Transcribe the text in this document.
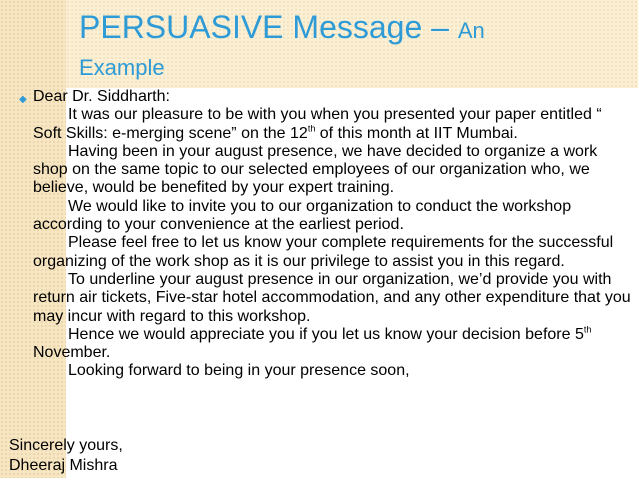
PERSUASIVE Message – An
Example
◆ Dear Dr. Siddharth:

It was our pleasure to be with you when you presented your paper entitled “ Soft Skills: e-merging scene” on the 12th of this month at IIT Mumbai.

Having been in your august presence, we have decided to organize a work shop on the same topic to our selected employees of our organization who, we believe, would be benefited by your expert training.

We would like to invite you to our organization to conduct the workshop according to your convenience at the earliest period.

Please feel free to let us know your complete requirements for the successful organizing of the work shop as it is our privilege to assist you in this regard.

To underline your august presence in our organization, we’d provide you with return air tickets, Five-star hotel accommodation, and any other expenditure that you may incur with regard to this workshop.

Hence we would appreciate you if you let us know your decision before 5th November.

Looking forward to being in your presence soon,

Sincerely yours,
Dheeraj Mishra
